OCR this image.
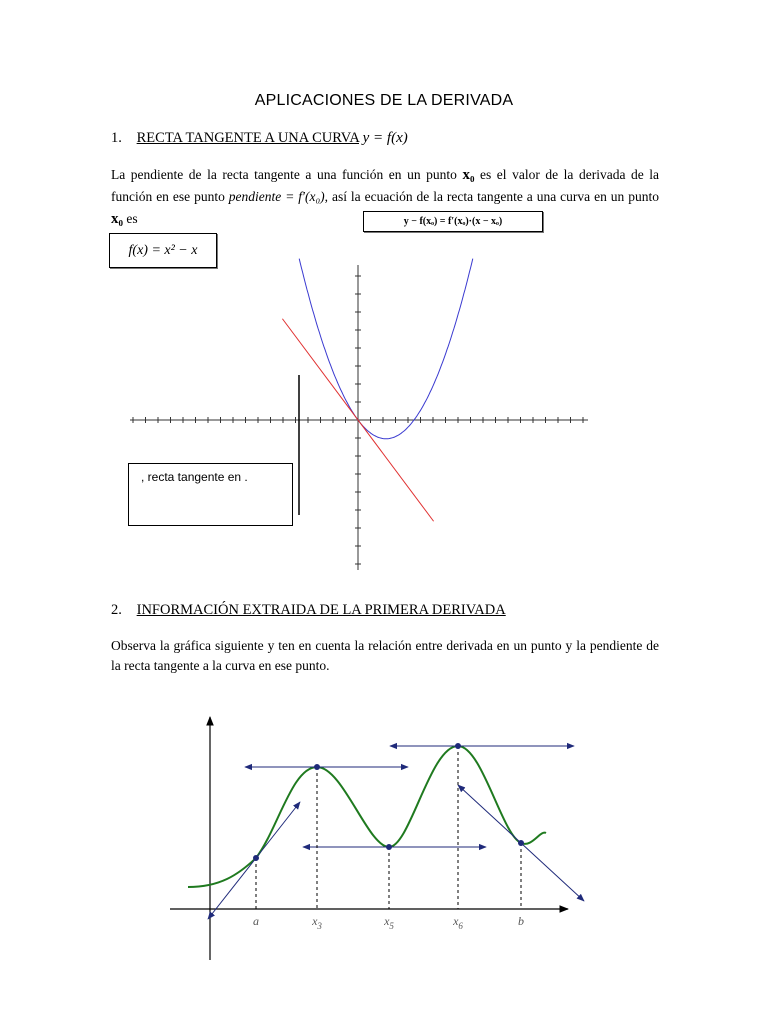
APLICACIONES DE LA DERIVADA
1. RECTA TANGENTE A UNA CURVA y = f(x)
La pendiente de la recta tangente a una función en un punto x₀ es el valor de la derivada de la función en ese punto pendiente = f′(x₀), así la ecuación de la recta tangente a una curva en un punto x₀ es	y − f(xₒ) = f′(xₒ)·(x − xₒ)
f(x) = x² − x
, recta tangente en .
2. INFORMACIÓN EXTRAIDA DE LA PRIMERA DERIVADA
Observa la gráfica siguiente y ten en cuenta la relación entre derivada en un punto y la pendiente de la recta tangente a la curva en ese punto.
a	$x_3$	$x_5$	$x_6$	b
